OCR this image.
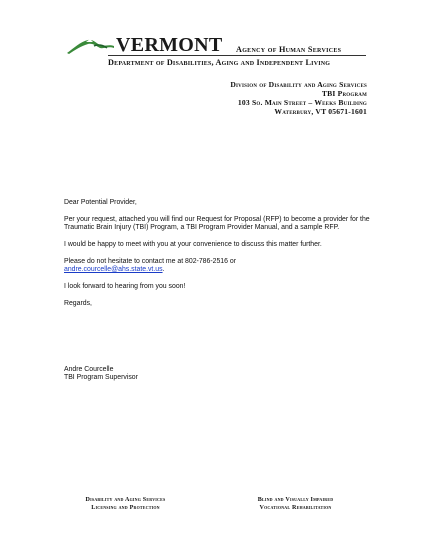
VERMONT Agency of Human Services
Department of Disabilities, Aging and Independent Living
Division of Disability and Aging Services
TBI Program
103 So. Main Street – Weeks Building
Waterbury, VT 05671-1601

Dear Potential Provider,

Per your request, attached you will find our Request for Proposal (RFP) to become a provider for the Traumatic Brain Injury (TBI) Program, a TBI Program Provider Manual, and a sample RFP.

I would be happy to meet with you at your convenience to discuss this matter further.

Please do not hesitate to contact me at 802-786-2516 or
andre.courcelle@ahs.state.vt.us.

I look forward to hearing from you soon!

Regards,

Andre Courcelle
TBI Program Supervisor
Disability and Aging Services
Licensing and Protection
Blind and Visually Impaired
Vocational Rehabilitation
